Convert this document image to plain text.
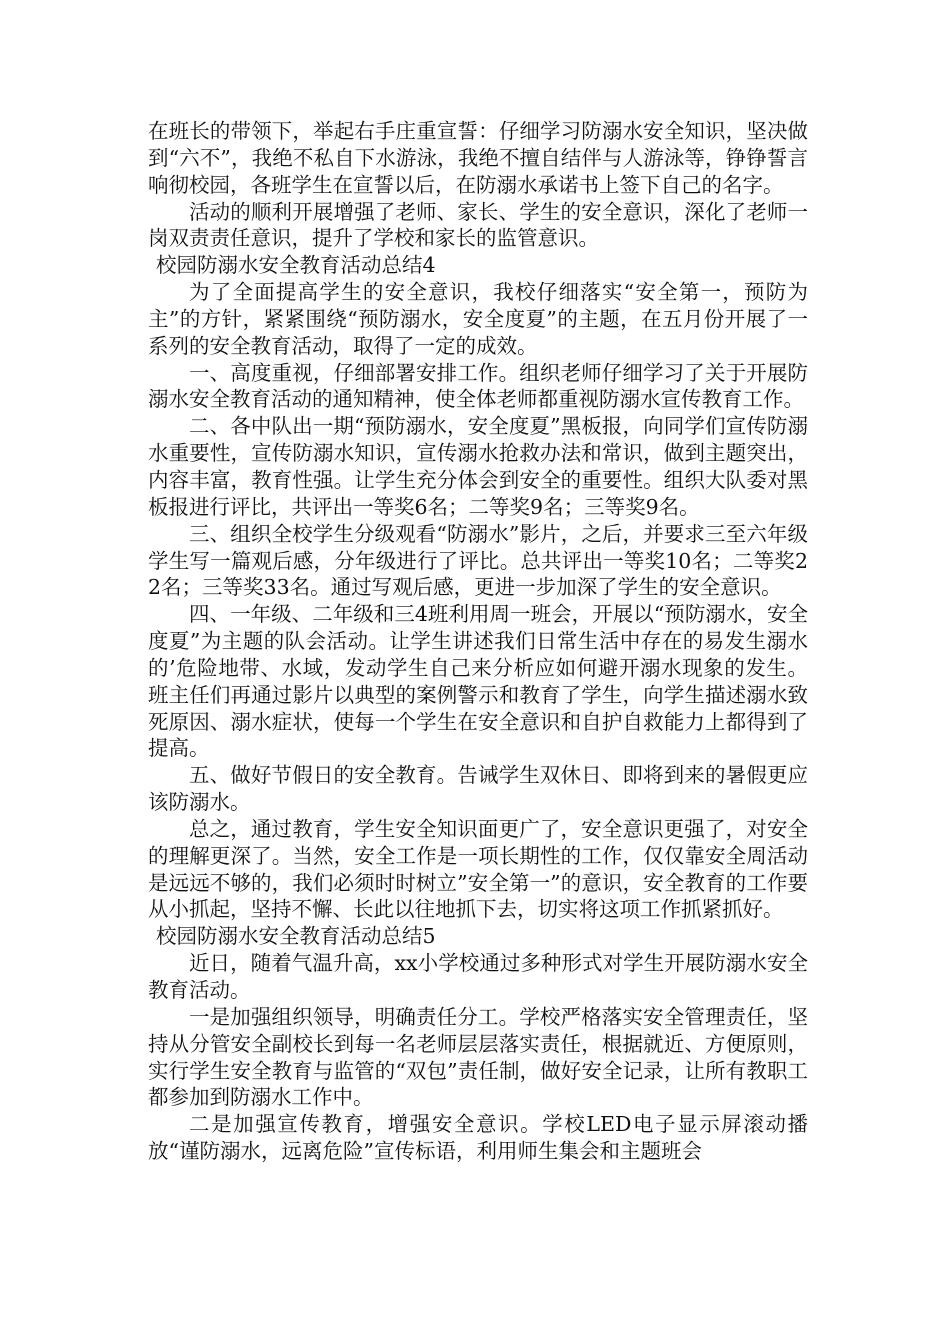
在班长的带领下，举起右手庄重宣誓：仔细学习防溺水安全知识，坚决做到“六不”，我绝不私自下水游泳，我绝不擅自结伴与人游泳等，铮铮誓言响彻校园，各班学生在宣誓以后，在防溺水承诺书上签下自己的名字。

活动的顺利开展增强了老师、家长、学生的安全意识，深化了老师一岗双责责任意识，提升了学校和家长的监管意识。

校园防溺水安全教育活动总结4

为了全面提高学生的安全意识，我校仔细落实“安全第一，预防为主”的方针，紧紧围绕“预防溺水，安全度夏”的主题，在五月份开展了一系列的安全教育活动，取得了一定的成效。

一、高度重视，仔细部署安排工作。组织老师仔细学习了关于开展防溺水安全教育活动的通知精神，使全体老师都重视防溺水宣传教育工作。

二、各中队出一期“预防溺水，安全度夏”黑板报，向同学们宣传防溺水重要性，宣传防溺水知识，宣传溺水抢救办法和常识，做到主题突出，内容丰富，教育性强。让学生充分体会到安全的重要性。组织大队委对黑板报进行评比，共评出一等奖6名；二等奖9名；三等奖9名。

三、组织全校学生分级观看“防溺水”影片，之后，并要求三至六年级学生写一篇观后感，分年级进行了评比。总共评出一等奖10名；二等奖22名；三等奖33名。通过写观后感，更进一步加深了学生的安全意识。

四、一年级、二年级和三4班利用周一班会，开展以“预防溺水，安全度夏”为主题的队会活动。让学生讲述我们日常生活中存在的易发生溺水的’危险地带、水域，发动学生自己来分析应如何避开溺水现象的发生。班主任们再通过影片以典型的案例警示和教育了学生，向学生描述溺水致死原因、溺水症状，使每一个学生在安全意识和自护自救能力上都得到了提高。

五、做好节假日的安全教育。告诫学生双休日、即将到来的暑假更应该防溺水。

总之，通过教育，学生安全知识面更广了，安全意识更强了，对安全的理解更深了。当然，安全工作是一项长期性的工作，仅仅靠安全周活动是远远不够的，我们必须时时树立”安全第一”的意识，安全教育的工作要从小抓起，坚持不懈、长此以往地抓下去，切实将这项工作抓紧抓好。

校园防溺水安全教育活动总结5

近日，随着气温升高，xx小学校通过多种形式对学生开展防溺水安全教育活动。

一是加强组织领导，明确责任分工。学校严格落实安全管理责任，坚持从分管安全副校长到每一名老师层层落实责任，根据就近、方便原则，实行学生安全教育与监管的“双包”责任制，做好安全记录，让所有教职工都参加到防溺水工作中。

二是加强宣传教育，增强安全意识。学校LED电子显示屏滚动播放“谨防溺水，远离危险”宣传标语，利用师生集会和主题班会
